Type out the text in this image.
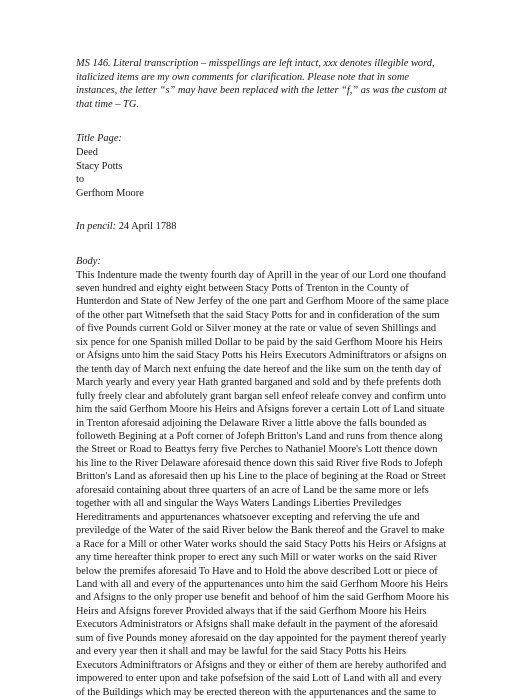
MS 146. Literal transcription – misspellings are left intact, xxx denotes illegible word,
italicized items are my own comments for clarification. Please note that in some
instances, the letter “s” may have been replaced with the letter “f,” as was the custom at
that time – TG.
Title Page:
Deed
Stacy Potts
to
Gerfhom Moore
In pencil: 24 April 1788
Body:
This Indenture made the twenty fourth day of Aprill in the year of our Lord one thoufand
seven hundred and eighty eight between Stacy Potts of Trenton in the County of
Hunterdon and State of New Jerfey of the one part and Gerfhom Moore of the same place
of the other part Witnefseth that the said Stacy Potts for and in confideration of the sum
of five Pounds current Gold or Silver money at the rate or value of seven Shillings and
six pence for one Spanish milled Dollar to be paid by the said Gerfhom Moore his Heirs
or Afsigns unto him the said Stacy Potts his Heirs Executors Adminiftrators or afsigns on
the tenth day of March next enfuing the date hereof and the like sum on the tenth day of
March yearly and every year Hath granted barganed and sold and by thefe prefents doth
fully freely clear and abfolutely grant bargan sell enfeof releafe convey and confirm unto
him the said Gerfhom Moore his Heirs and Afsigns forever a certain Lott of Land situate
in Trenton aforesaid adjoining the Delaware River a little above the falls bounded as
followeth Begining at a Poft corner of Jofeph Britton's Land and runs from thence along
the Street or Road to Beattys ferry five Perches to Nathaniel Moore's Lott thence down
his line to the River Delaware aforesaid thence down this said River five Rods to Jofeph
Britton's Land as aforesaid then up his Line to the place of begining at the Road or Street
aforesaid containing about three quarters of an acre of Land be the same more or lefs
together with all and singular the Ways Waters Landings Liberties Previledges
Hereditraments and appurtenances whatsoever excepting and referving the ufe and
previledge of the Water of the said River below the Bank thereof and the Gravel to make
a Race for a Mill or other Water works should the said Stacy Potts his Heirs or Afsigns at
any time hereafter think proper to erect any such Mill or water works on the said River
below the premifes aforesaid To Have and to Hold the above described Lott or piece of
Land with all and every of the appurtenances unto him the said Gerfhom Moore his Heirs
and Afsigns to the only proper use benefit and behoof of him the said Gerfhom Moore his
Heirs and Afsigns forever Provided always that if the said Gerfhom Moore his Heirs
Executors Administrators or Afsigns shall make default in the payment of the aforesaid
sum of five Pounds money aforesaid on the day appointed for the payment thereof yearly
and every year then it shall and may be lawful for the said Stacy Potts his Heirs
Executors Adminiftrators or Afsigns and they or either of them are hereby authorifed and
impowered to enter upon and take pofsefsion of the said Lott of Land with all and every
of the Buildings which may be erected thereon with the appurtenances and the same to
